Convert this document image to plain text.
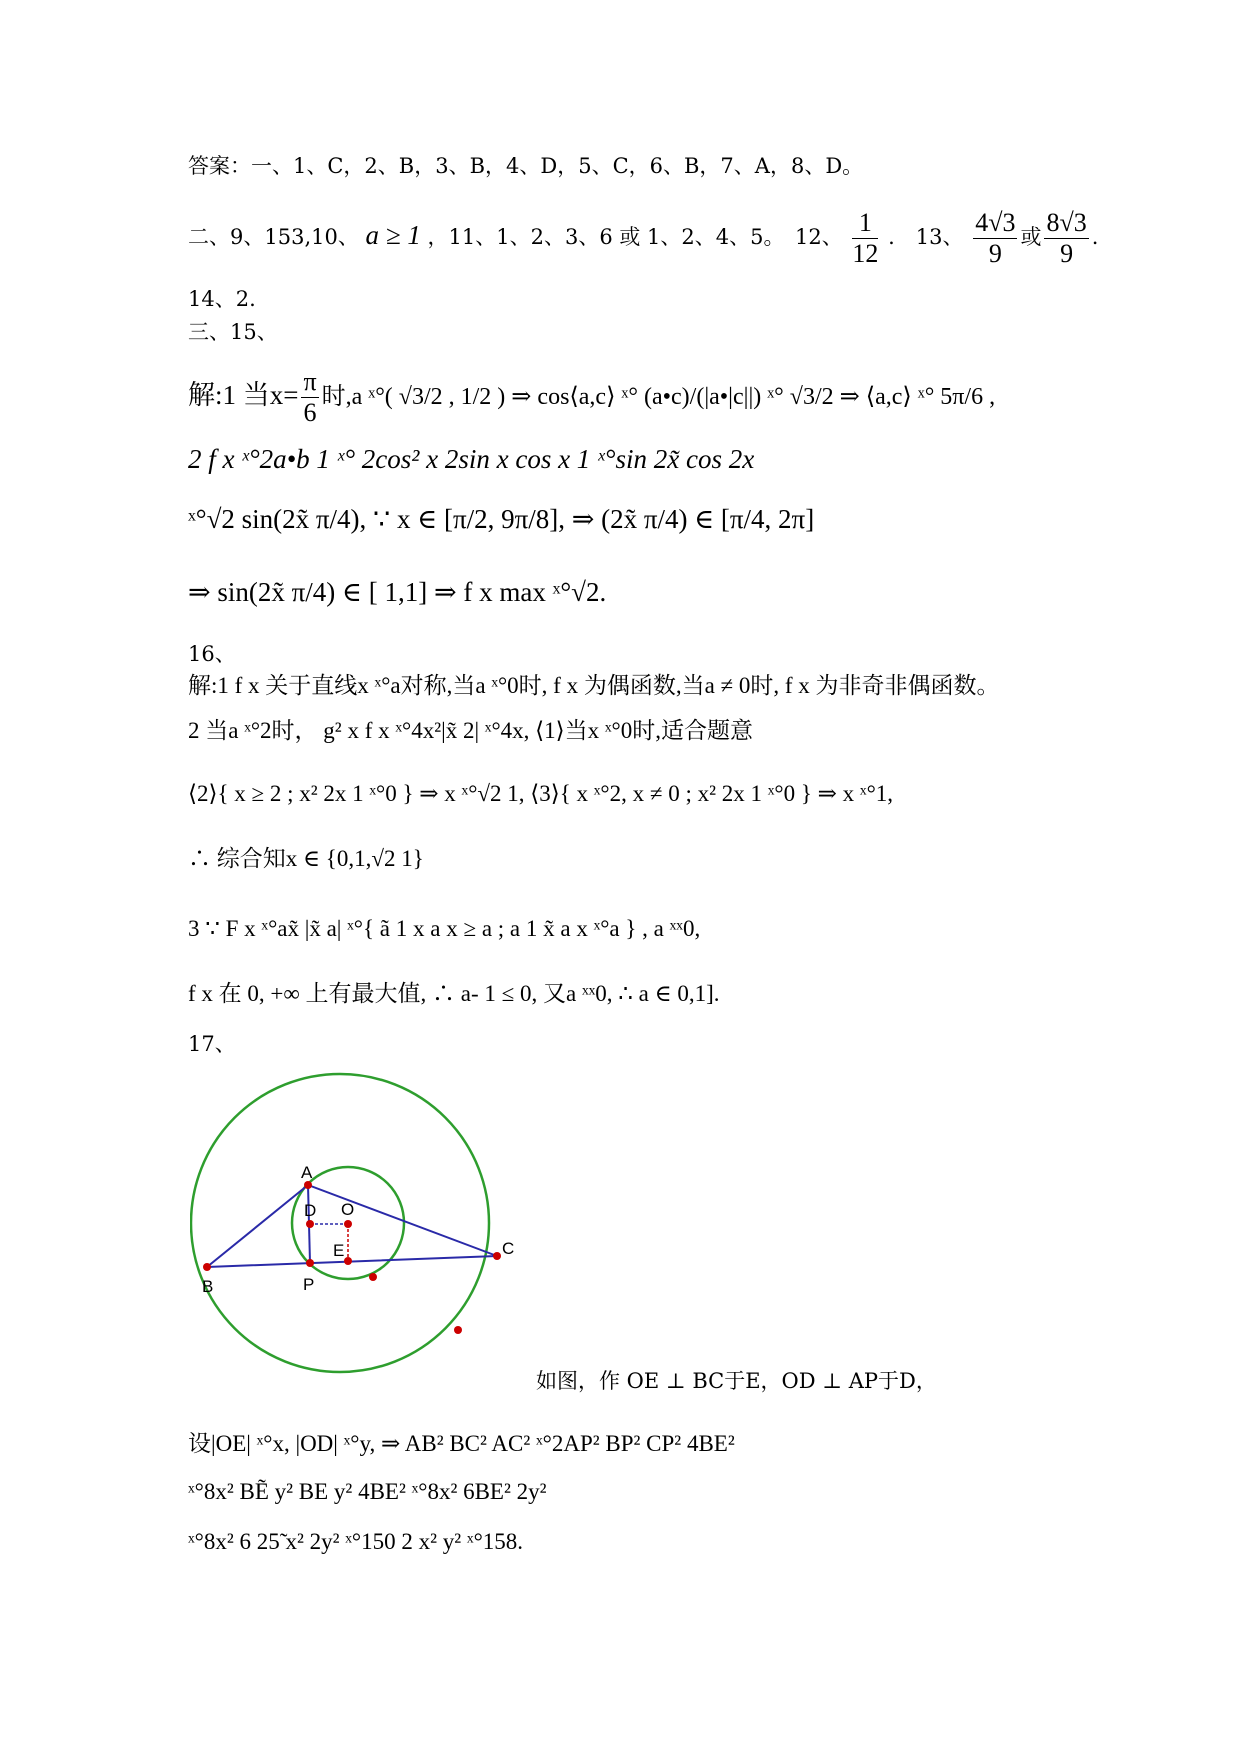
答案：一、1、C，2、B，3、B，4、D，5、C，6、B，7、A，8、D。
二、9、153,10、 a ≥ 1 ，11、1、2、3、6 或 1、2、4、5。　12、 $\frac{1}{12}$ .　13、 $\frac{4√3}{9}$ 或 $\frac{8√3}{9}$ .
14、2.
三、15、
解:1 当$x= \frac{\pi}{6}$ 时,a ˣ°( √3/2 , 1/2 ) ⇒ cos⟨a,c⟩ ˣ° (a•c)/(|a•|c||) ˣ° √3/2 ⇒ ⟨a,c⟩ ˣ° 5π/6 ,
2 f x ˣ°2a•b 1 ˣ° 2cos² x 2sin x cos x 1 ˣ°sin 2x̃ cos 2x
ˣ°√2 sin(2x̃ π/4), ∵ x ∈ [π/2, 9π/8], ⇒ (2x̃ π/4) ∈ [π/4, 2π]
⇒ sin(2x̃ π/4) ∈ [ 1,1] ⇒ f x max ˣ°√2.
16、
解:1 f x 关于直线x ˣ°a对称,当a ˣ°0时, f x 为偶函数,当a ≠ 0时, f x 为非奇非偶函数。
2 当a ˣ°2时， g² x f x ˣ°4x²|x̃ 2| ˣ°4x, ⟨1⟩当x ˣ°0时,适合题意
⟨2⟩{ x ≥ 2 ; x² 2x 1 ˣ°0 } ⇒ x ˣ°√2 1, ⟨3⟩{ x ˣ°2, x ≠ 0 ; x² 2x 1 ˣ°0 } ⇒ x ˣ°1,
∴ 综合知x ∈ {0,1,√2 1}
3 ∵ F x ˣ°ax̃ |x̃ a| ˣ°{ ã 1 x a x ≥ a ; a 1 x̃ a x ˣ°a } , a ˣˣ0,
f x 在 0, +∞ 上有最大值, ∴ a- 1 ≤ 0, 又a ˣˣ0, ∴ a ∈ 0,1].
17、
A
B
C
D O
E
P
如图，作 OE ⊥ BC于E，OD ⊥ AP于D，
设|OE| ˣ°x, |OD| ˣ°y, ⇒ AB² BC² AC² ˣ°2AP² BP² CP² 4BE²
ˣ°8x² BẼ y² BE y² 4BE² ˣ°8x² 6BE² 2y²
ˣ°8x² 6 25̃ x² 2y² ˣ°150 2 x² y² ˣ°158.
